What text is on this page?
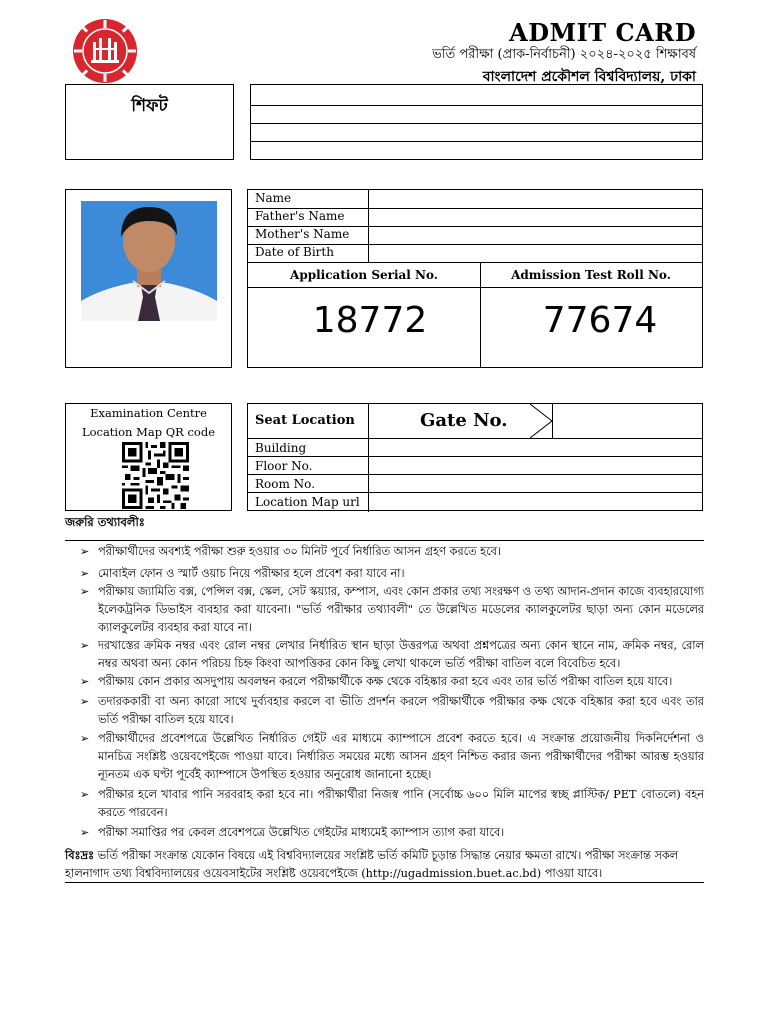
ADMIT CARD
ভর্তি পরীক্ষা (প্রাক-নির্বাচনী) ২০২৪-২০২৫ শিক্ষাবর্ষ
বাংলাদেশ প্রকৌশল বিশ্ববিদ্যালয়, ঢাকা
শিফট
Name
Father's Name
Mother's Name
Date of Birth
Application Serial No.	Admission Test Roll No.
18772	77674
Examination Centre
Location Map QR code
Seat Location	Gate No.
Building
Floor No.
Room No.
Location Map url
জরুরি তথ্যাবলীঃ
➢ পরীক্ষার্থীদের অবশ্যই পরীক্ষা শুরু হওয়ার ৩০ মিনিট পূর্বে নির্ধারিত আসন গ্রহণ করতে হবে।
➢ মোবাইল ফোন ও স্মার্ট ওয়াচ নিয়ে পরীক্ষার হলে প্রবেশ করা যাবে না।
➢ পরীক্ষায় জ্যামিতি বক্স, পেন্সিল বক্স, স্কেল, সেট স্কয়্যার, কম্পাস, এবং কোন প্রকার তথ্য সংরক্ষণ ও তথ্য আদান-প্রদান কাজে ব্যবহারযোগ্য ইলেকট্রনিক ডিভাইস ব্যবহার করা যাবেনা। "ভর্তি পরীক্ষার তথ্যাবলী" তে উল্লেখিত মডেলের ক্যালকুলেটর ছাড়া অন্য কোন মডেলের ক্যালকুলেটর ব্যবহার করা যাবে না।
➢ দরখাস্তের ক্রমিক নম্বর এবং রোল নম্বর লেখার নির্ধারিত স্থান ছাড়া উত্তরপত্র অথবা প্রশ্নপত্রের অন্য কোন স্থানে নাম, ক্রমিক নম্বর, রোল নম্বর অথবা অন্য কোন পরিচয় চিহ্ন কিংবা আপত্তিকর কোন কিছু লেখা থাকলে ভর্তি পরীক্ষা বাতিল বলে বিবেচিত হবে।
➢ পরীক্ষায় কোন প্রকার অসদুপায় অবলম্বন করলে পরীক্ষার্থীকে কক্ষ থেকে বহিষ্কার করা হবে এবং তার ভর্তি পরীক্ষা বাতিল হয়ে যাবে।
➢ তদারককারী বা অন্য কারো সাথে দুর্ব্যবহার করলে বা ভীতি প্রদর্শন করলে পরীক্ষার্থীকে পরীক্ষার কক্ষ থেকে বহিষ্কার করা হবে এবং তার ভর্তি পরীক্ষা বাতিল হয়ে যাবে।
➢ পরীক্ষার্থীদের প্রবেশপত্রে উল্লেখিত নির্ধারিত গেইট এর মাধ্যমে ক্যাম্পাসে প্রবেশ করতে হবে। এ সংক্রান্ত প্রয়োজনীয় দিকনির্দেশনা ও মানচিত্র সংশ্লিষ্ট ওয়েবপেইজে পাওয়া যাবে। নির্ধারিত সময়ের মধ্যে আসন গ্রহণ নিশ্চিত করার জন্য পরীক্ষার্থীদের পরীক্ষা আরম্ভ হওয়ার ন্যূনতম এক ঘণ্টা পূর্বেই ক্যাম্পাসে উপস্থিত হওয়ার অনুরোধ জানানো হচ্ছে।
➢ পরীক্ষার হলে খাবার পানি সরবরাহ করা হবে না। পরীক্ষার্থীরা নিজস্ব পানি (সর্বোচ্চ ৬০০ মিলি মাপের স্বচ্ছ প্লাস্টিক/ PET বোতলে) বহন করতে পারবেন।
➢ পরীক্ষা সমাপ্তির পর কেবল প্রবেশপত্রে উল্লেখিত গেইটের মাধ্যমেই ক্যাম্পাস ত্যাগ করা যাবে।
বিঃদ্রঃ ভর্তি পরীক্ষা সংক্রান্ত যেকোন বিষয়ে এই বিশ্ববিদ্যালয়ের সংশ্লিষ্ট ভর্তি কমিটি চূড়ান্ত সিদ্ধান্ত নেয়ার ক্ষমতা রাখে। পরীক্ষা সংক্রান্ত সকল হালনাগাদ তথ্য বিশ্ববিদ্যালয়ের ওয়েবসাইটের সংশ্লিষ্ট ওয়েবপেইজে (http://ugadmission.buet.ac.bd) পাওয়া যাবে।
